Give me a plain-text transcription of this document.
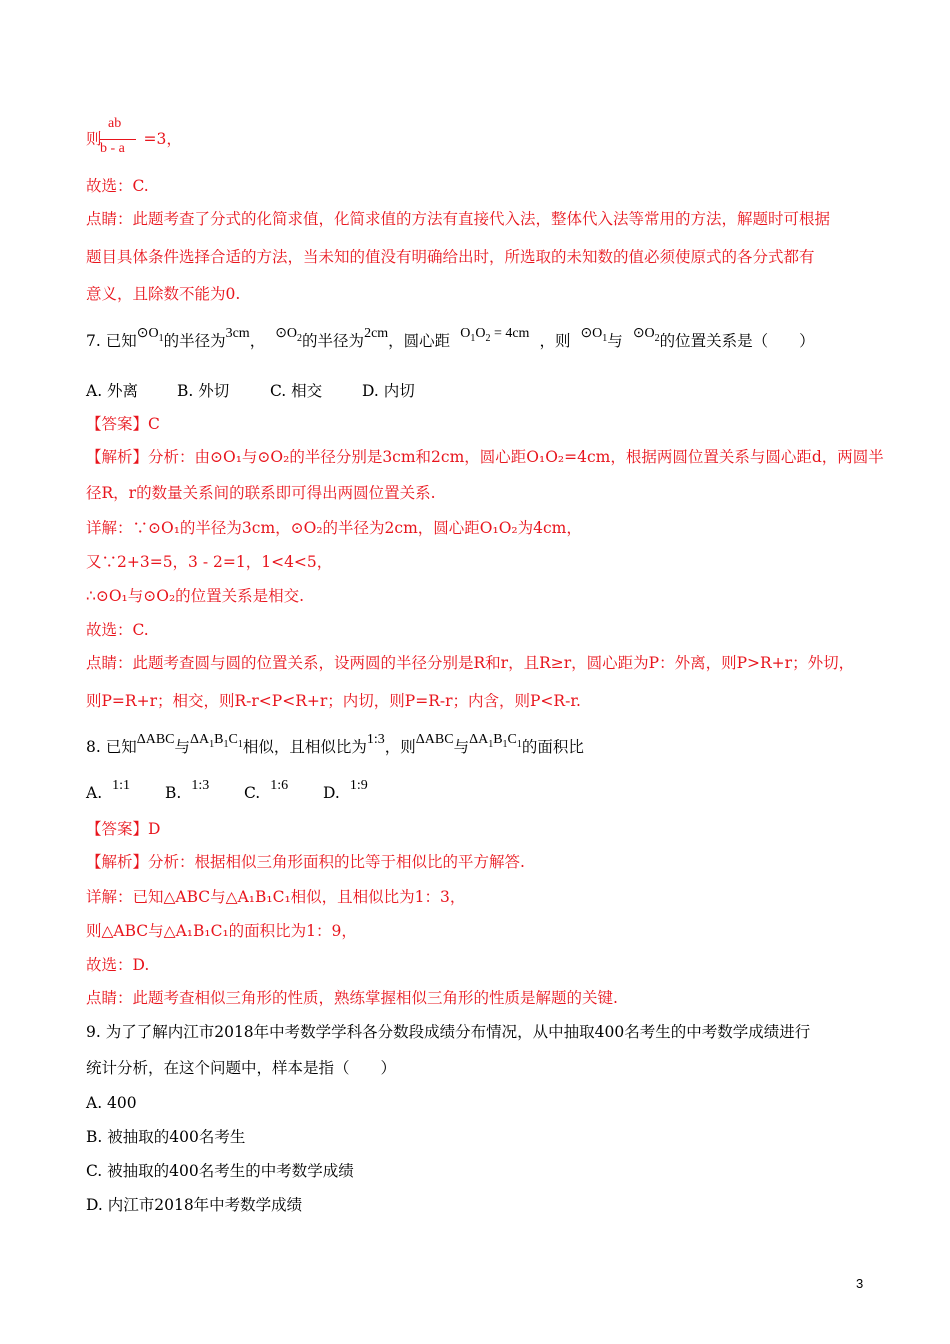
ab
则	=3，
b - a
故选：C.
点睛：此题考查了分式的化简求值，化简求值的方法有直接代入法，整体代入法等常用的方法，解题时可根据
题目具体条件选择合适的方法，当未知的值没有明确给出时，所选取的未知数的值必须使原式的各分式都有
意义，且除数不能为0.
7. 已知$⊙O_1$的半径为3cm， $⊙O_2$的半径为2cm，圆心距 $O_1O_2 = 4cm$ ，则 $⊙O_1$与 $⊙O_2$的位置关系是（　　）
A. 外离	B. 外切	C. 相交	D. 内切
【答案】C
【解析】分析：由⊙O₁与⊙O₂的半径分别是3cm和2cm，圆心距O₁O₂=4cm，根据两圆位置关系与圆心距d，两圆半
径R，r的数量关系间的联系即可得出两圆位置关系.
详解：∵⊙O₁的半径为3cm，⊙O₂的半径为2cm，圆心距O₁O₂为4cm，
又∵2+3=5，3 - 2=1，1<4<5，
∴⊙O₁与⊙O₂的位置关系是相交.
故选：C.
点睛：此题考查圆与圆的位置关系，设两圆的半径分别是R和r，且R≥r，圆心距为P：外离，则P>R+r；外切，
则P=R+r；相交，则R-r<P<R+r；内切，则P=R-r；内含，则P<R-r.
8. 已知ΔABC与$\Delta A_1B_1C_1$相似，且相似比为1:3，则ΔABC与$\Delta A_1B_1C_1$的面积比
A. 1:1 B. 1:3 C. 1:6 D. 1:9
【答案】D
【解析】分析：根据相似三角形面积的比等于相似比的平方解答.
详解：已知△ABC与△A₁B₁C₁相似，且相似比为1：3，
则△ABC与△A₁B₁C₁的面积比为1：9，
故选：D.
点睛：此题考查相似三角形的性质，熟练掌握相似三角形的性质是解题的关键.
9. 为了了解内江市2018年中考数学学科各分数段成绩分布情况，从中抽取400名考生的中考数学成绩进行
统计分析，在这个问题中，样本是指（　　）
A. 400
B. 被抽取的400名考生
C. 被抽取的400名考生的中考数学成绩
D. 内江市2018年中考数学成绩
3
